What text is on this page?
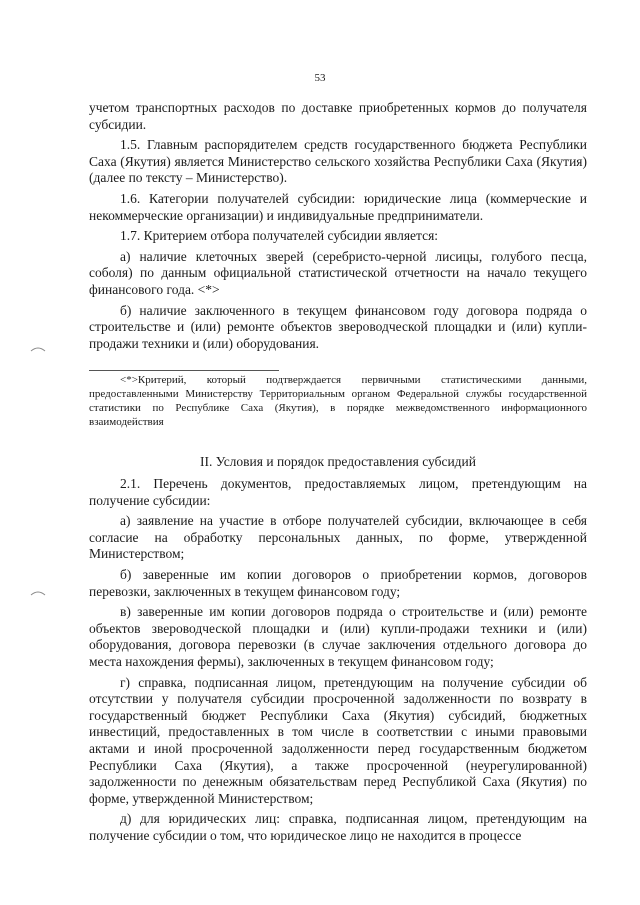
53

учетом транспортных расходов по доставке приобретенных кормов до получателя субсидии.

1.5. Главным распорядителем средств государственного бюджета Республики Саха (Якутия) является Министерство сельского хозяйства Республики Саха (Якутия) (далее по тексту – Министерство).

1.6. Категории получателей субсидии: юридические лица (коммерческие и некоммерческие организации) и индивидуальные предприниматели.

1.7. Критерием отбора получателей субсидии является:

а) наличие клеточных зверей (серебристо-черной лисицы, голубого песца, соболя) по данным официальной статистической отчетности на начало текущего финансового года. <*>

б) наличие заключенного в текущем финансовом году договора подряда о строительстве и (или) ремонте объектов звероводческой площадки и (или) купли-продажи техники и (или) оборудования.

<*>Критерий, который подтверждается первичными статистическими данными, предоставленными Министерству Территориальным органом Федеральной службы государственной статистики по Республике Саха (Якутия), в порядке межведомственного информационного взаимодействия

II. Условия и порядок предоставления субсидий

2.1. Перечень документов, предоставляемых лицом, претендующим на получение субсидии:

а) заявление на участие в отборе получателей субсидии, включающее в себя согласие на обработку персональных данных, по форме, утвержденной Министерством;

б) заверенные им копии договоров о приобретении кормов, договоров перевозки, заключенных в текущем финансовом году;

в) заверенные им копии договоров подряда о строительстве и (или) ремонте объектов звероводческой площадки и (или) купли-продажи техники и (или) оборудования, договора перевозки (в случае заключения отдельного договора до места нахождения фермы), заключенных в текущем финансовом году;

г) справка, подписанная лицом, претендующим на получение субсидии об отсутствии у получателя субсидии просроченной задолженности по возврату в государственный бюджет Республики Саха (Якутия) субсидий, бюджетных инвестиций, предоставленных в том числе в соответствии с иными правовыми актами и иной просроченной задолженности перед государственным бюджетом Республики Саха (Якутия), а также просроченной (неурегулированной) задолженности по денежным обязательствам перед Республикой Саха (Якутия) по форме, утвержденной Министерством;

д) для юридических лиц: справка, подписанная лицом, претендующим на получение субсидии о том, что юридическое лицо не находится в процессе
